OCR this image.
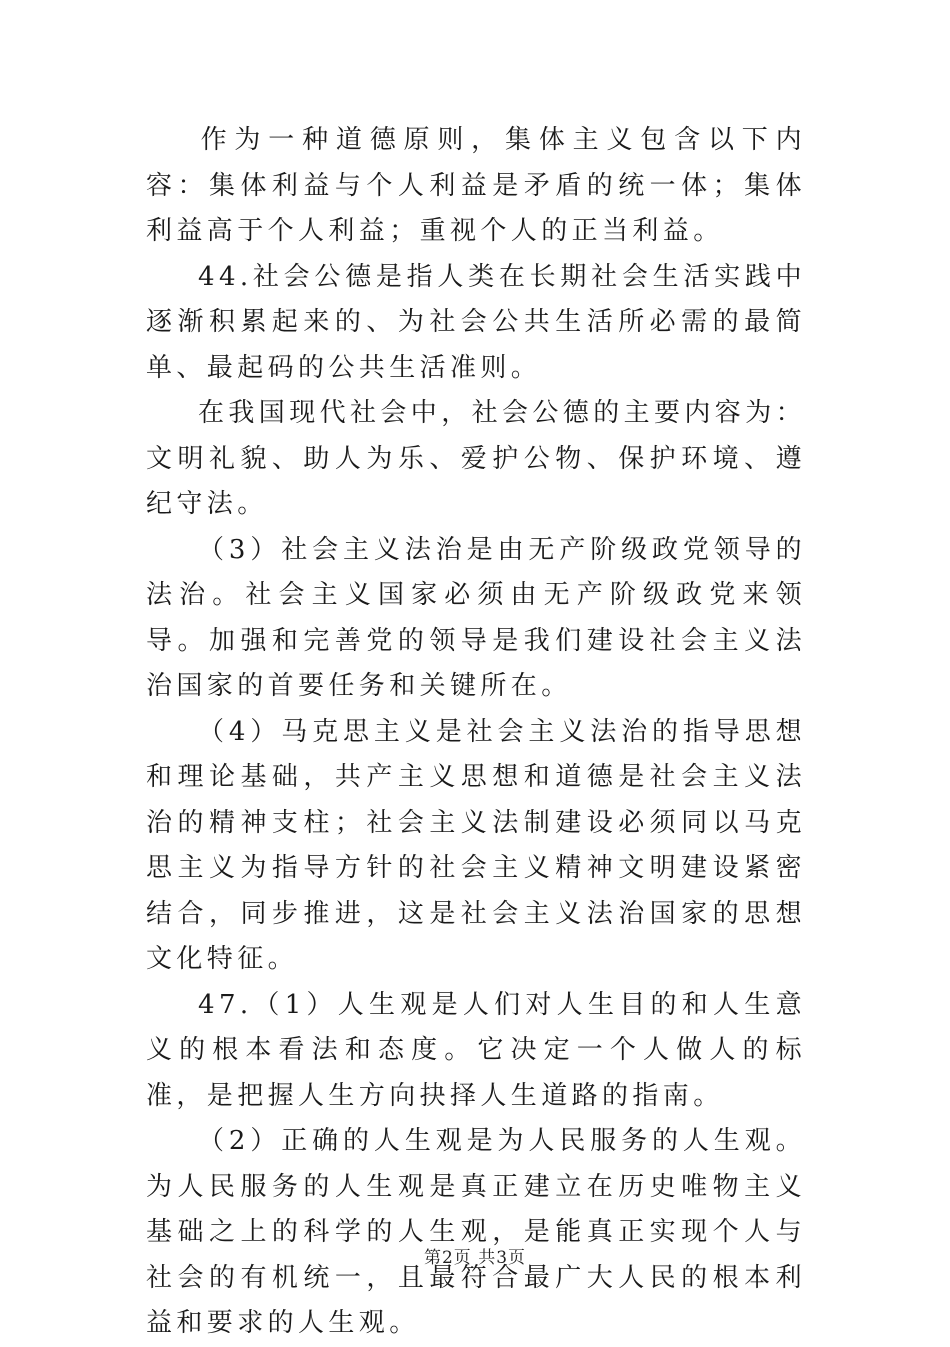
作为一种道德原则，集体主义包含以下内容：集体利益与个人利益是矛盾的统一体；集体利益高于个人利益；重视个人的正当利益。

44.社会公德是指人类在长期社会生活实践中逐渐积累起来的、为社会公共生活所必需的最简单、最起码的公共生活准则。

在我国现代社会中，社会公德的主要内容为：文明礼貌、助人为乐、爱护公物、保护环境、遵纪守法。

（3）社会主义法治是由无产阶级政党领导的法治。社会主义国家必须由无产阶级政党来领导。加强和完善党的领导是我们建设社会主义法治国家的首要任务和关键所在。

（4）马克思主义是社会主义法治的指导思想和理论基础，共产主义思想和道德是社会主义法治的精神支柱；社会主义法制建设必须同以马克思主义为指导方针的社会主义精神文明建设紧密结合，同步推进，这是社会主义法治国家的思想文化特征。

47.（1）人生观是人们对人生目的和人生意义的根本看法和态度。它决定一个人做人的标准，是把握人生方向抉择人生道路的指南。

（2）正确的人生观是为人民服务的人生观。为人民服务的人生观是真正建立在历史唯物主义基础之上的科学的人生观，是能真正实现个人与社会的有机统一，且最符合最广大人民的根本利益和要求的人生观。

第2页 共3页
